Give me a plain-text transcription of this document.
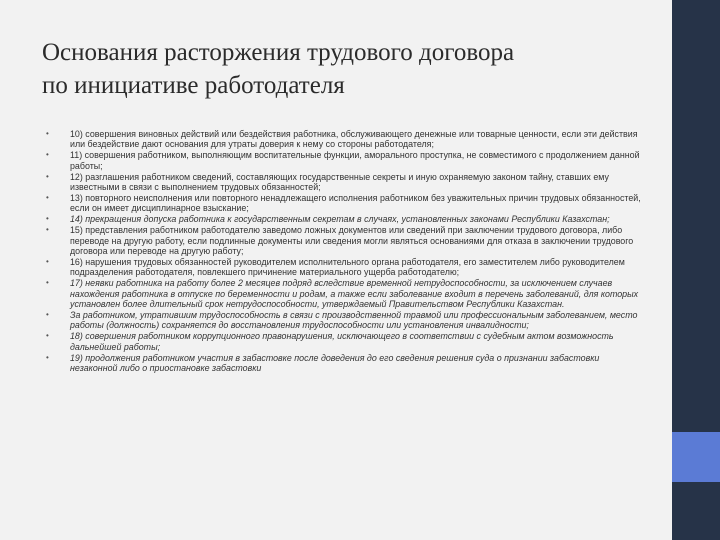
Основания расторжения трудового договора
по инициативе работодателя
• 10) совершения виновных действий или бездействия работника, обслуживающего денежные или товарные ценности, если эти действия или бездействие дают основания для утраты доверия к нему со стороны работодателя;
• 11) совершения работником, выполняющим воспитательные функции, аморального проступка, не совместимого с продолжением данной работы;
• 12) разглашения работником сведений, составляющих государственные секреты и иную охраняемую законом тайну, ставших ему известными в связи с выполнением трудовых обязанностей;
• 13) повторного неисполнения или повторного ненадлежащего исполнения работником без уважительных причин трудовых обязанностей, если он имеет дисциплинарное взыскание;
• 14) прекращения допуска работника к государственным секретам в случаях, установленных законами Республики Казахстан;
• 15) представления работником работодателю заведомо ложных документов или сведений при заключении трудового договора, либо переводе на другую работу, если подлинные документы или сведения могли являться основаниями для отказа в заключении трудового договора или переводе на другую работу;
• 16) нарушения трудовых обязанностей руководителем исполнительного органа работодателя, его заместителем либо руководителем подразделения работодателя, повлекшего причинение материального ущерба работодателю;
• 17) неявки работника на работу более 2 месяцев подряд вследствие временной нетрудоспособности, за исключением случаев нахождения работника в отпуске по беременности и родам, а также если заболевание входит в перечень заболеваний, для которых установлен более длительный срок нетрудоспособности, утверждаемый Правительством Республики Казахстан.
• За работником, утратившим трудоспособность в связи с производственной травмой или профессиональным заболеванием, место работы (должность) сохраняется до восстановления трудоспособности или установления инвалидности;
• 18) совершения работником коррупционного правонарушения, исключающего в соответствии с судебным актом возможность дальнейшей работы;
• 19) продолжения работником участия в забастовке после доведения до его сведения решения суда о признании забастовки незаконной либо о приостановке забастовки
